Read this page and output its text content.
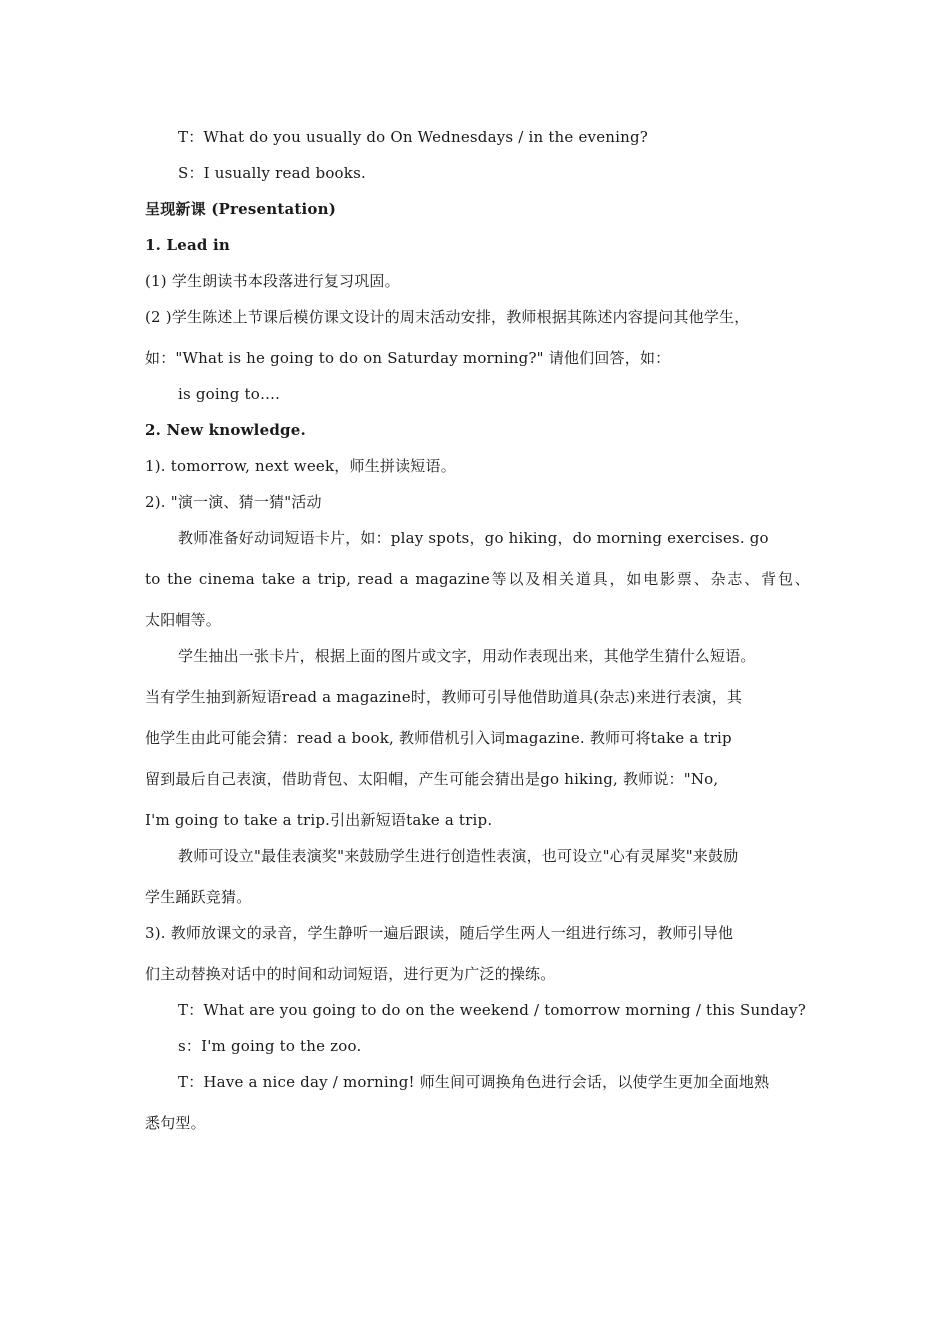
T：What do you usually do On Wednesdays / in the evening?
S：I usually read books.
呈现新课 (Presentation)
1. Lead in
(1) 学生朗读书本段落进行复习巩固。
(2 )学生陈述上节课后模仿课文设计的周末活动安排，教师根据其陈述内容提问其他学生，
如："What is he going to do on Saturday morning?" 请他们回答，如：
is going to….
2. New knowledge.
1). tomorrow, next week，师生拼读短语。
2). "演一演、猜一猜"活动
教师准备好动词短语卡片，如：play spots，go hiking，do morning exercises. go
to the cinema take a trip, read a magazine等以及相关道具，如电影票、杂志、背包、
太阳帽等。
学生抽出一张卡片，根据上面的图片或文字，用动作表现出来，其他学生猜什么短语。
当有学生抽到新短语read a magazine时，教师可引导他借助道具(杂志)来进行表演，其
他学生由此可能会猜：read a book, 教师借机引入词magazine. 教师可将take a trip
留到最后自己表演，借助背包、太阳帽，产生可能会猜出是go hiking, 教师说："No,
I'm going to take a trip.引出新短语take a trip.
教师可设立"最佳表演奖"来鼓励学生进行创造性表演，也可设立"心有灵犀奖"来鼓励
学生踊跃竞猜。
3). 教师放课文的录音，学生静听一遍后跟读，随后学生两人一组进行练习，教师引导他
们主动替换对话中的时间和动词短语，进行更为广泛的操练。
T：What are you going to do on the weekend / tomorrow morning / this Sunday?
s：I'm going to the zoo.
T：Have a nice day / morning! 师生间可调换角色进行会话，以使学生更加全面地熟
悉句型。
